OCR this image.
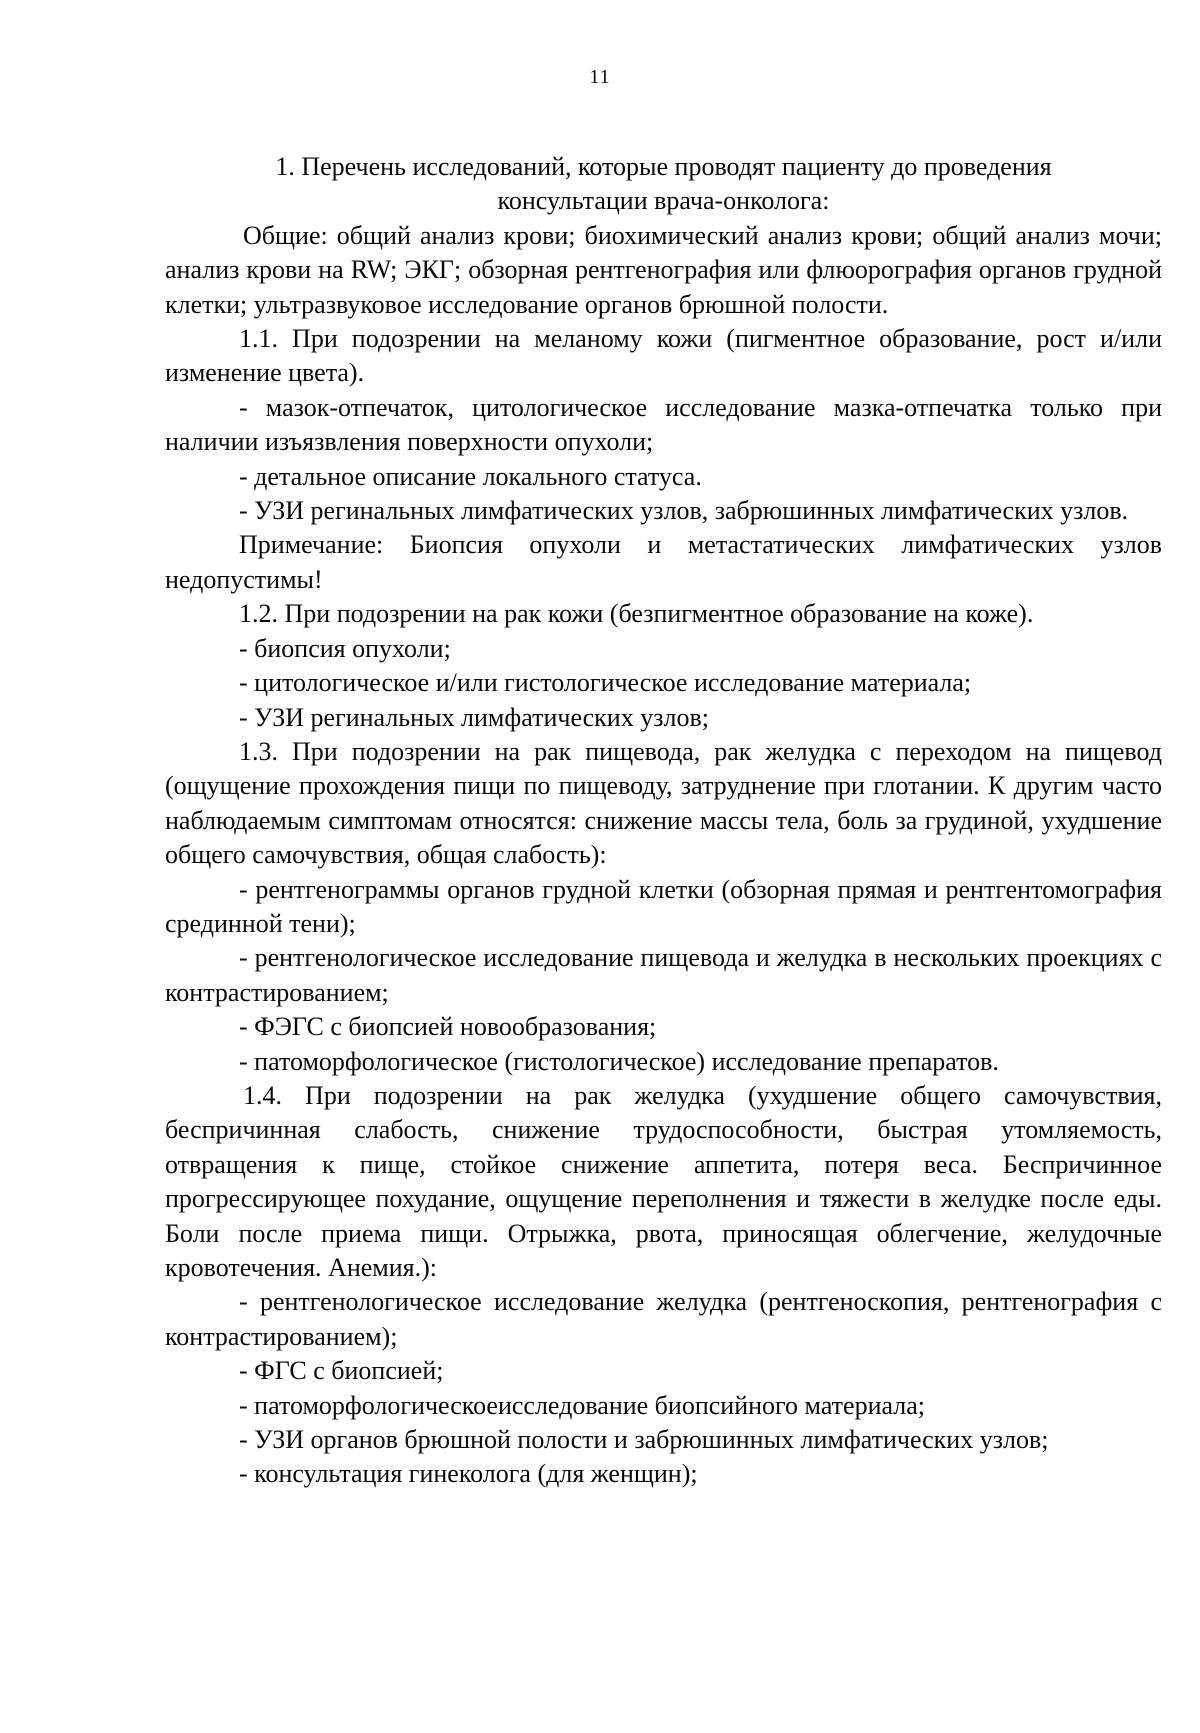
11

1. Перечень исследований, которые проводят пациенту до проведения

консультации врача-онколога:

Общие: общий анализ крови; биохимический анализ крови; общий анализ мочи; анализ крови на RW; ЭКГ; обзорная рентгенография или флюорография органов грудной клетки; ультразвуковое исследование органов брюшной полости.

1.1. При подозрении на меланому кожи (пигментное образование, рост и/или изменение цвета).

- мазок-отпечаток, цитологическое исследование мазка-отпечатка только при наличии изъязвления поверхности опухоли;

- детальное описание локального статуса.

- УЗИ регинальных лимфатических узлов, забрюшинных лимфатических узлов.

Примечание: Биопсия опухоли и метастатических лимфатических узлов недопустимы!

1.2. При подозрении на рак кожи (безпигментное образование на коже).

- биопсия опухоли;

- цитологическое и/или гистологическое исследование материала;

- УЗИ регинальных лимфатических узлов;

1.3. При подозрении на рак пищевода, рак желудка с переходом на пищевод (ощущение прохождения пищи по пищеводу, затруднение при глотании. К другим часто наблюдаемым симптомам относятся: снижение массы тела, боль за грудиной, ухудшение общего самочувствия, общая слабость):

- рентгенограммы органов грудной клетки (обзорная прямая и рентгентомография срединной тени);

- рентгенологическое исследование пищевода и желудка в нескольких проекциях с контрастированием;

- ФЭГС с биопсией новообразования;

- патоморфологическое (гистологическое) исследование препаратов.

1.4. При подозрении на рак желудка (ухудшение общего самочувствия, беспричинная слабость, снижение трудоспособности, быстрая утомляемость, отвращения к пище, стойкое снижение аппетита, потеря веса. Беспричинное прогрессирующее похудание, ощущение переполнения и тяжести в желудке после еды. Боли после приема пищи. Отрыжка, рвота, приносящая облегчение, желудочные кровотечения. Анемия.):

- рентгенологическое исследование желудка (рентгеноскопия, рентгенография с контрастированием);

- ФГС с биопсией;

- патоморфологическоеисследование биопсийного материала;

- УЗИ органов брюшной полости и забрюшинных лимфатических узлов;

- консультация гинеколога (для женщин);
